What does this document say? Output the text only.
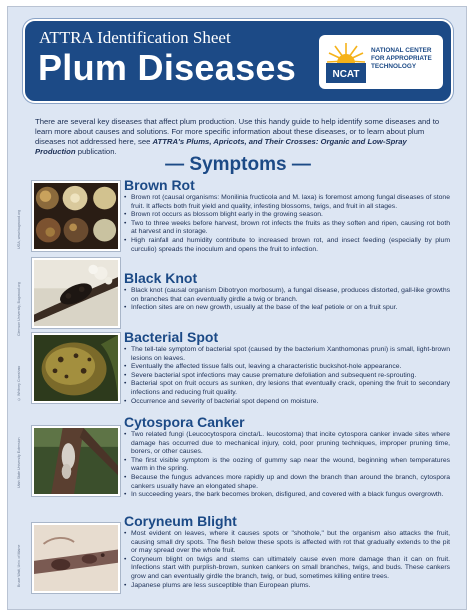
ATTRA Identification Sheet
Plum Diseases	NCAT
NATIONAL CENTER
FOR APPROPRIATE
TECHNOLOGY

There are several key diseases that affect plum production. Use this handy guide to help identify some diseases and to learn more about causes and solutions. For more specific information about these diseases, or to learn about plum diseases not addressed here, see ATTRA's Plums, Apricots, and Their Crosses: Organic and Low-Spray Production publication.

— Symptoms —
UGA, www.bugwood.org
Brown Rot
• Brown rot (causal organisms: Monilinia fructicola and M. laxa) is foremost among fungal diseases of stone fruit. It affects both fruit yield and quality, infesting blossoms, twigs, and fruit in all stages.
• Brown rot occurs as blossom blight early in the growing season.
• Two to three weeks before harvest, brown rot infects the fruits as they soften and ripen, causing rot both at harvest and in storage.
• High rainfall and humidity contribute to increased brown rot, and insect feeding (especially by plum curculio) spreads the inoculum and opens the fruit to infection.
Clemson University, Bugwood.org
Black Knot
• Black knot (causal organism Dibotryon morbosum), a fungal disease, produces distorted, gall-like growths on branches that can eventually girdle a twig or branch.
• Infection sites are on new growth, usually at the base of the leaf petiole or on a fruit spur.
© Whitney Cranshaw
Bacterial Spot
• The tell-tale symptom of bacterial spot (caused by the bacterium Xanthomonas pruni) is small, light-brown lesions on leaves.
• Eventually the affected tissue falls out, leaving a characteristic buckshot-hole appearance.
• Severe bacterial spot infections may cause premature defoliation and subsequent re-sprouting.
• Bacterial spot on fruit occurs as sunken, dry lesions that eventually crack, opening the fruit to secondary infections and reducing fruit quality.
• Occurrence and severity of bacterial spot depend on moisture.
Utah State University Extension
Cytospora Canker
• Two related fungi (Leucocytospora cincta/L. leucostoma) that incite cytospora canker invade sites where damage has occurred due to mechanical injury, cold, poor pruning techniques, improper pruning time, borers, or other causes.
• The first visible symptom is the oozing of gummy sap near the wound, beginning when temperatures warm in the spring.
• Because the fungus advances more rapidly up and down the branch than around the branch, cytospora cankers usually have an elongated shape.
• In succeeding years, the bark becomes broken, disfigured, and covered with a black fungus overgrowth.
Bruce Watt, Univ. of Maine
Coryneum Blight
• Most evident on leaves, where it causes spots or "shothole," but the organism also attacks the fruit, causing small dry spots. The flesh below these spots is affected with rot that gradually extends to the pit or may spread over the whole fruit.
• Coryneum blight on twigs and stems can ultimately cause even more damage than it can on fruit. Infections start with purplish-brown, sunken cankers on small branches, twigs, and buds. These cankers grow and can eventually girdle the branch, twig, or bud, sometimes killing entire trees.
• Japanese plums are less susceptible than European plums.
